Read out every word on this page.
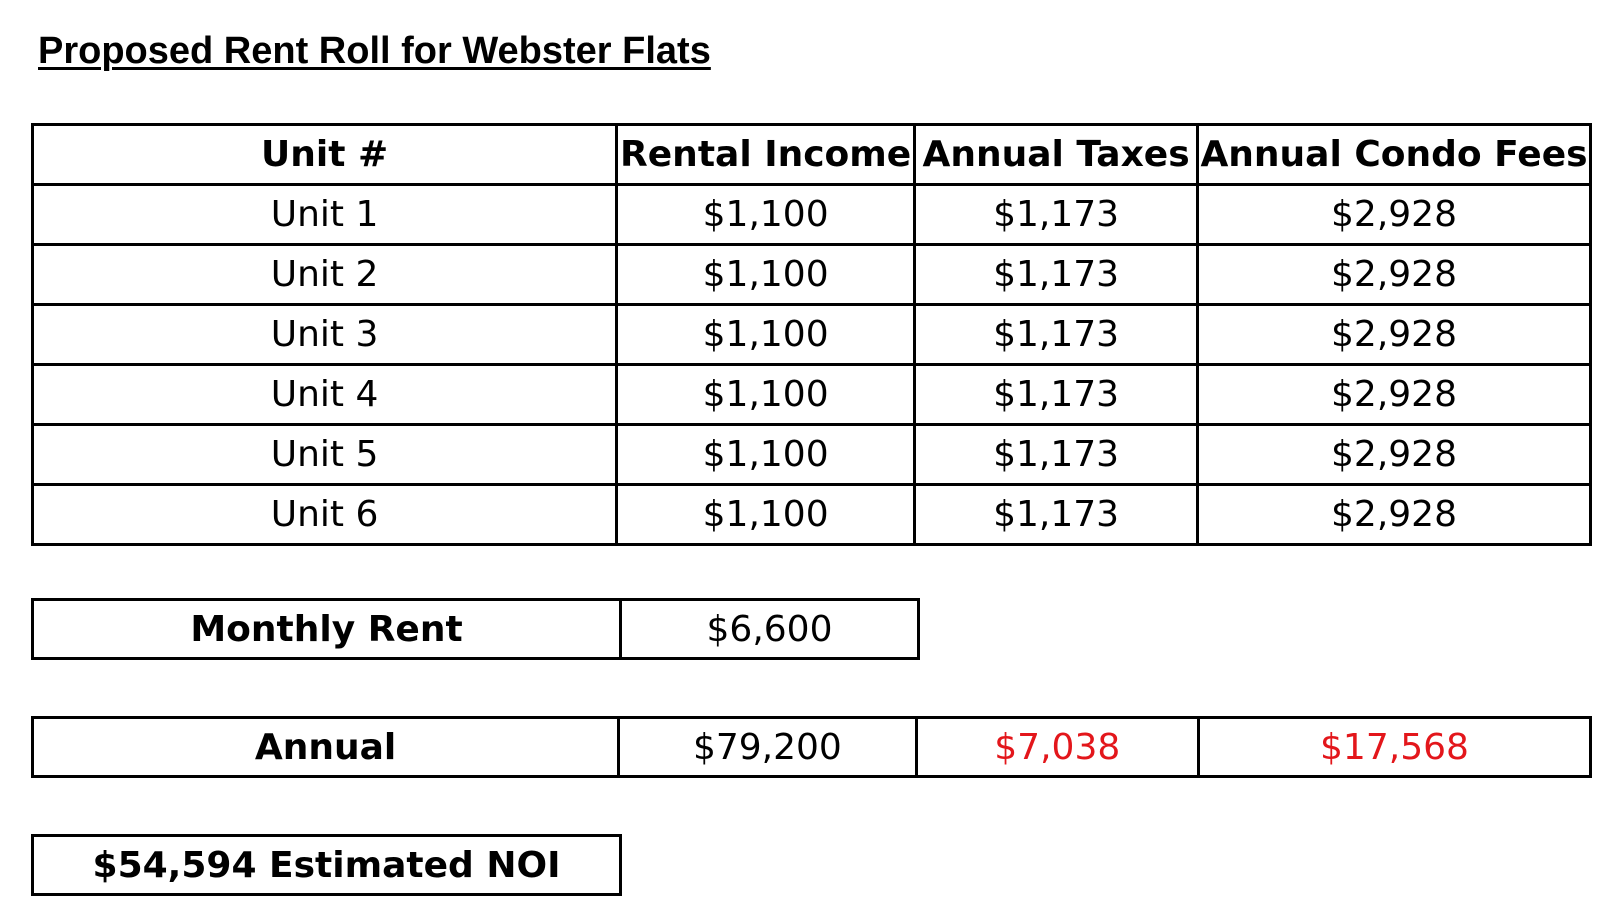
Proposed Rent Roll for Webster Flats
Unit #	Rental Income	Annual Taxes	Annual Condo Fees
Unit 1	$1,100	$1,173	$2,928
Unit 2	$1,100	$1,173	$2,928
Unit 3	$1,100	$1,173	$2,928
Unit 4	$1,100	$1,173	$2,928
Unit 5	$1,100	$1,173	$2,928
Unit 6	$1,100	$1,173	$2,928
Monthly Rent	$6,600
Annual	$79,200	$7,038	$17,568
$54,594 Estimated NOI
